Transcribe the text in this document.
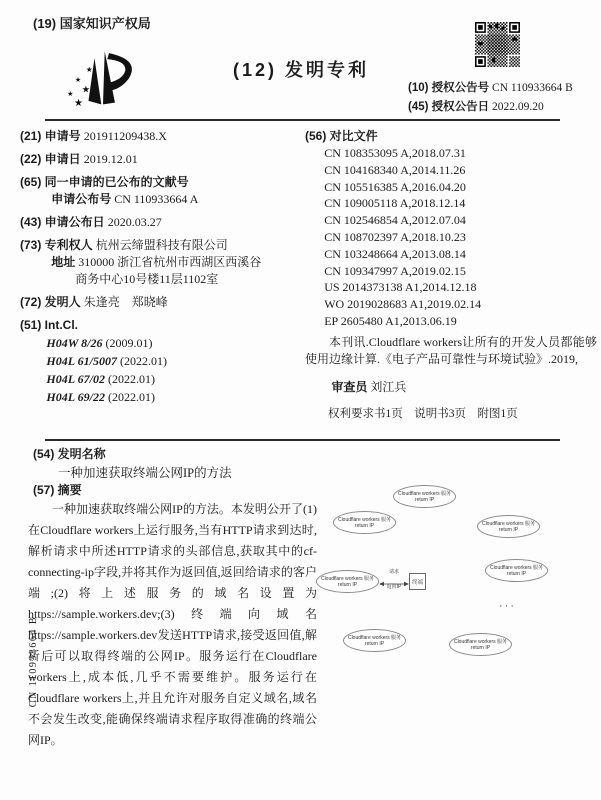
(19) 国家知识产权局
★
★
★
★
★
(12) 发明专利
(10) 授权公告号 CN 110933664 B
(45) 授权公告日 2022.09.20
(21) 申请号 201911209438.X
(22) 申请日 2019.12.01
(65) 同一申请的已公布的文献号
申请公布号 CN 110933664 A
(43) 申请公布日 2020.03.27
(73) 专利权人 杭州云缔盟科技有限公司
地址 310000 浙江省杭州市西湖区西溪谷
商务中心10号楼11层1102室
(72) 发明人 朱逢亮　郑晓峰
(51) Int.Cl.
H04W 8/26 (2009.01)
H04L 61/5007 (2022.01)
H04L 67/02 (2022.01)
H04L 69/22 (2022.01)
(56) 对比文件
CN 108353095 A,2018.07.31
CN 104168340 A,2014.11.26
CN 105516385 A,2016.04.20
CN 109005118 A,2018.12.14
CN 102546854 A,2012.07.04
CN 108702397 A,2018.10.23
CN 103248664 A,2013.08.14
CN 109347997 A,2019.02.15
US 2014373138 A1,2014.12.18
WO 2019028683 A1,2019.02.14
EP 2605480 A1,2013.06.19
本刊讯.Cloudflare workers让所有的开发人员都能够使用边缘计算.《电子产品可靠性与环境试验》.2019,
审查员 刘江兵
权利要求书1页　说明书3页　附图1页
(54) 发明名称
一种加速获取终端公网IP的方法
(57) 摘要
一种加速获取终端公网IP的方法。本发明公开了(1)在Cloudflare workers上运行服务,当有HTTP请求到达时,解析请求中所述HTTP请求的头部信息,获取其中的cf-connecting-ip字段,并将其作为返回值,返回给请求的客户端;(2)将上述服务的域名设置为https://sample.workers.dev;(3)终端向域名https://sample.workers.dev发送HTTP请求,接受返回值,解析后可以取得终端的公网IP。服务运行在Cloudflare workers上,成本低,几乎不需要维护。服务运行在Cloudflare workers上,并且允许对服务自定义域名,域名不会发生改变,能确保终端请求程序取得准确的终端公网IP。
Cloudflare workers 服务
return IP
Cloudflare workers 服务
return IP	Cloudflare workers 服务
return IP
Cloudflare workers 服务
return IP
Cloudflare workers 服务
return IP
Cloudflare workers 服务
return IP	Cloudflare workers 服务
return IP
终端
请求
返回IP
···
CN 110933664 B
